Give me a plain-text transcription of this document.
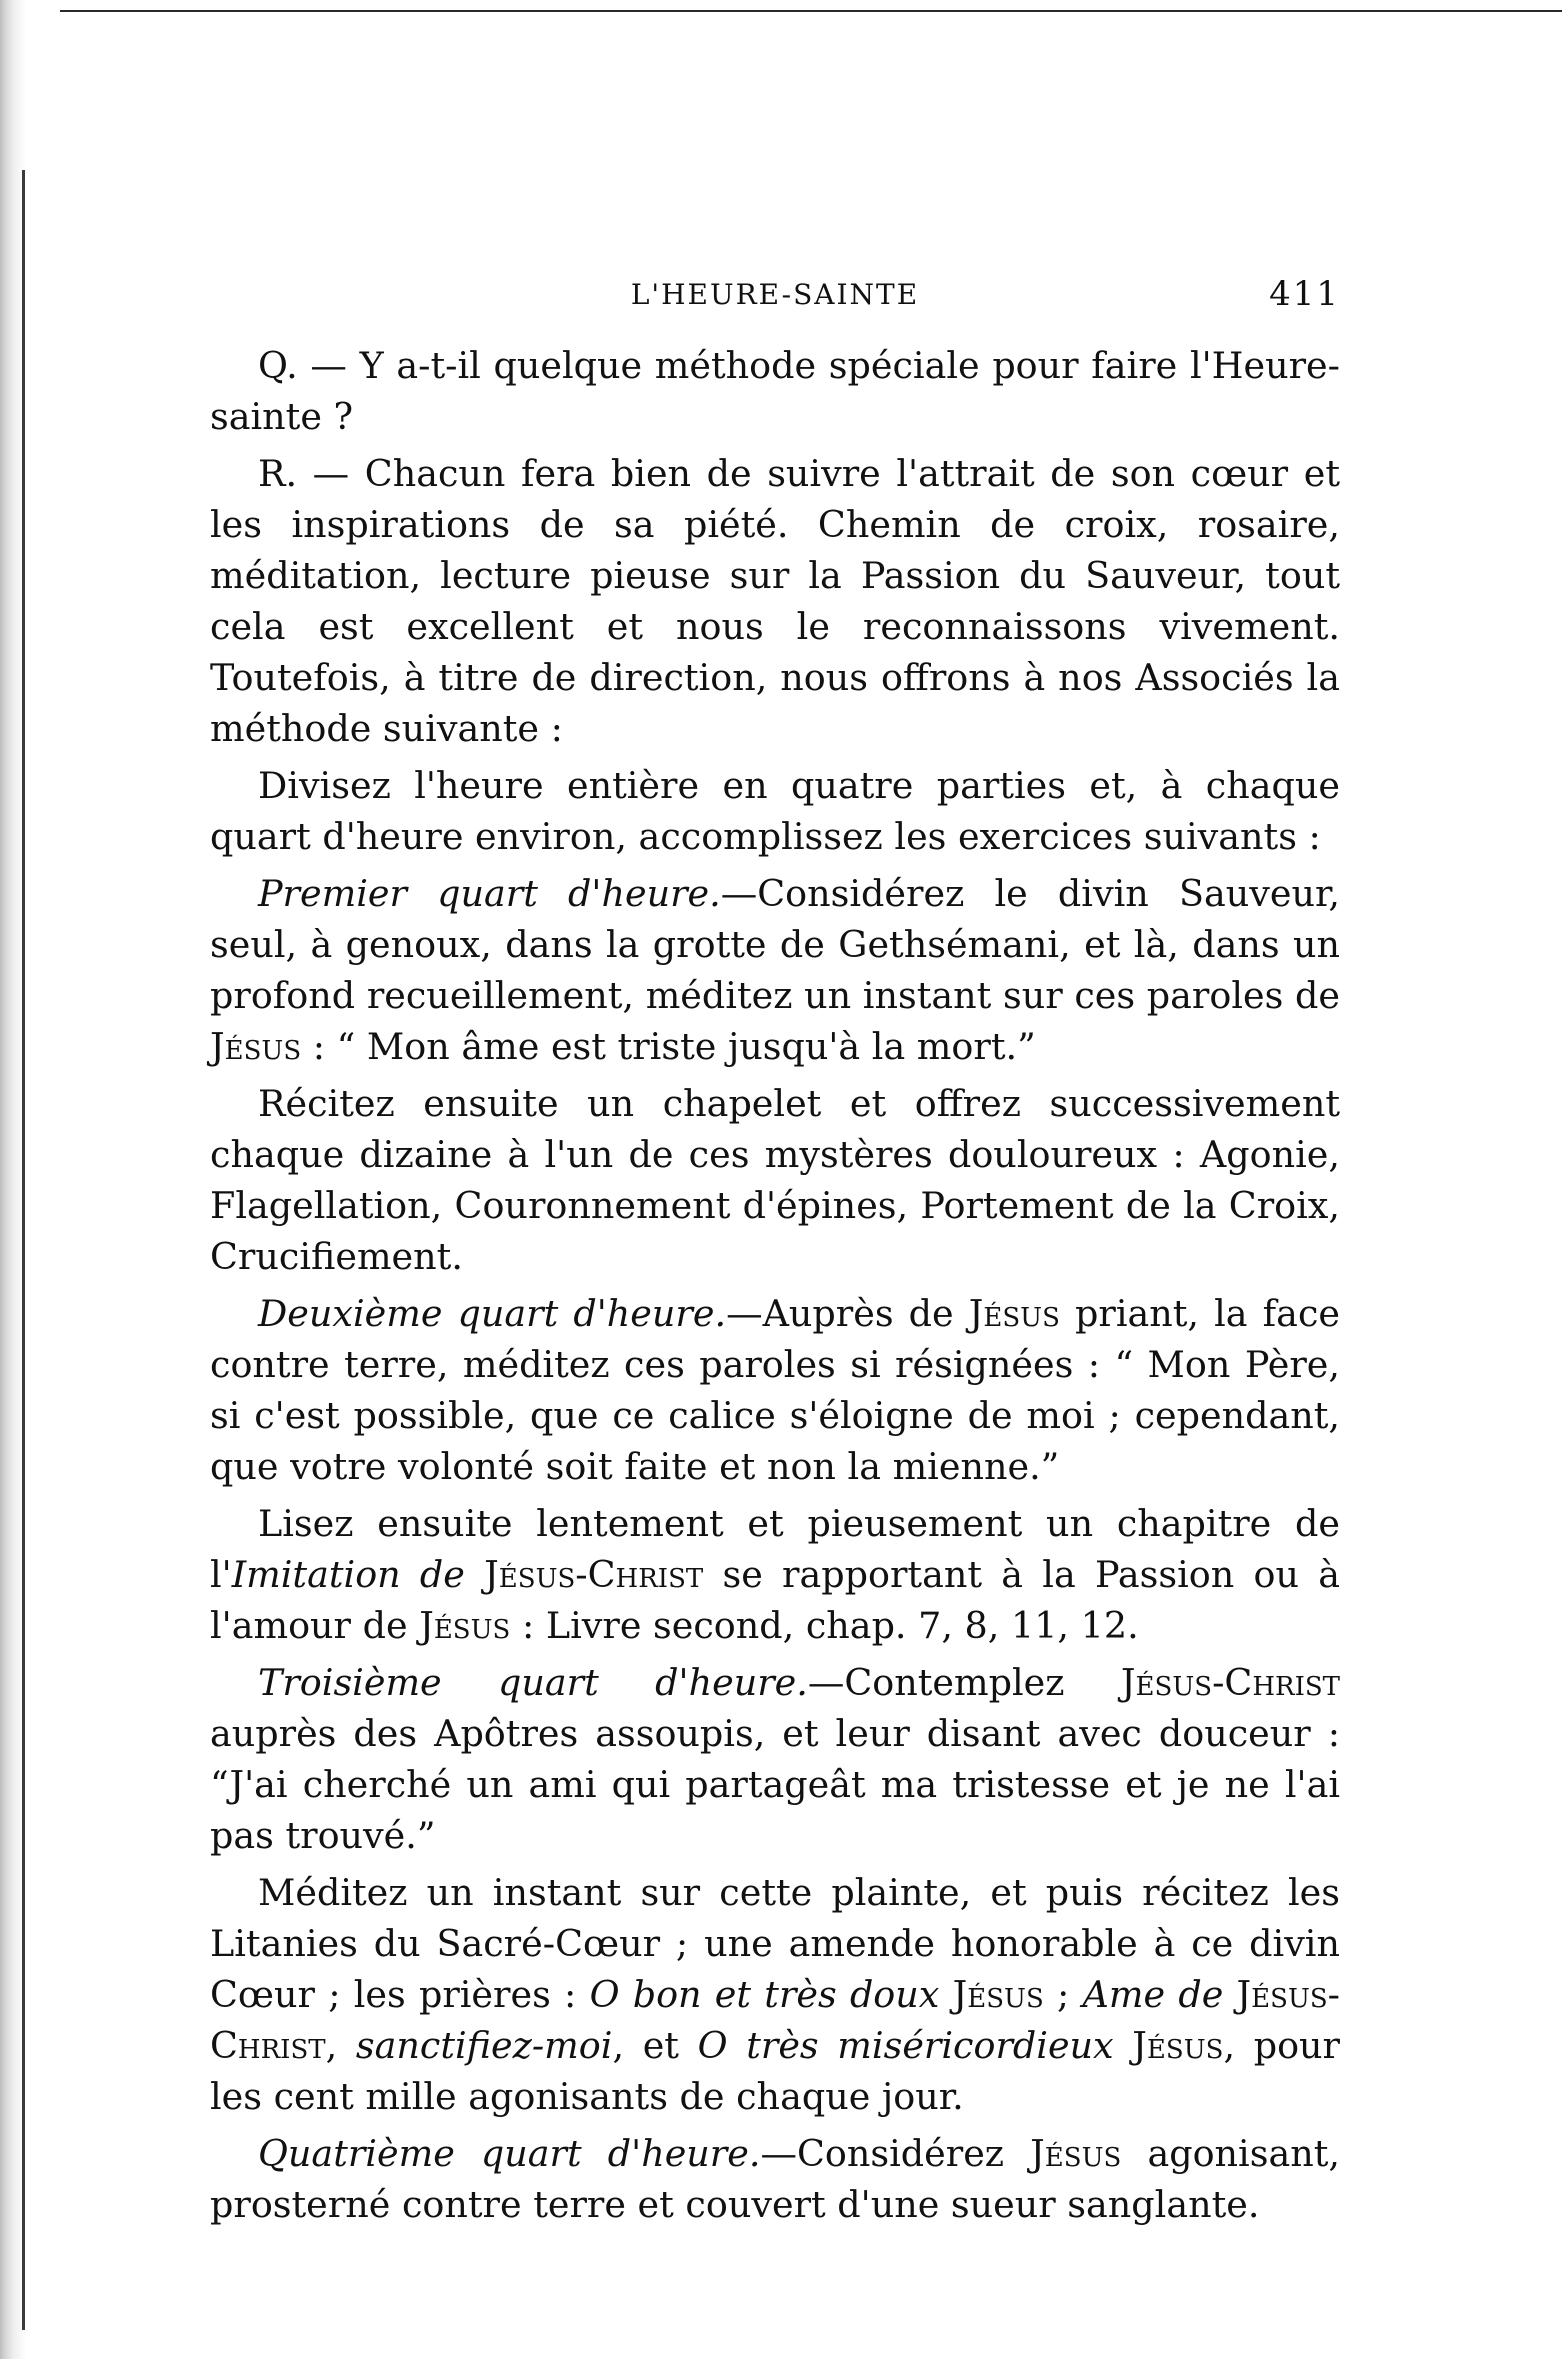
L'HEURE-SAINTE	411

Q. — Y a-t-il quelque méthode spéciale pour faire l'Heure-sainte ?

R. — Chacun fera bien de suivre l'attrait de son cœur et les inspirations de sa piété. Chemin de croix, rosaire, méditation, lecture pieuse sur la Passion du Sauveur, tout cela est excellent et nous le reconnaissons vivement. Toutefois, à titre de direction, nous offrons à nos Associés la méthode suivante :

Divisez l'heure entière en quatre parties et, à chaque quart d'heure environ, accomplissez les exercices suivants :

Premier quart d'heure.—Considérez le divin Sauveur, seul, à genoux, dans la grotte de Gethsémani, et là, dans un profond recueillement, méditez un instant sur ces paroles de Jésus : “ Mon âme est triste jusqu'à la mort.”

Récitez ensuite un chapelet et offrez successivement chaque dizaine à l'un de ces mystères douloureux : Agonie, Flagellation, Couronnement d'épines, Portement de la Croix, Crucifiement.

Deuxième quart d'heure.—Auprès de Jésus priant, la face contre terre, méditez ces paroles si résignées : “ Mon Père, si c'est possible, que ce calice s'éloigne de moi ; cependant, que votre volonté soit faite et non la mienne.”

Lisez ensuite lentement et pieusement un chapitre de l'Imitation de Jésus-Christ se rapportant à la Passion ou à l'amour de Jésus : Livre second, chap. 7, 8, 11, 12.

Troisième quart d'heure.—Contemplez Jésus-Christ auprès des Apôtres assoupis, et leur disant avec douceur : “J'ai cherché un ami qui partageât ma tristesse et je ne l'ai pas trouvé.”

Méditez un instant sur cette plainte, et puis récitez les Litanies du Sacré-Cœur ; une amende honorable à ce divin Cœur ; les prières : O bon et très doux Jésus ; Ame de Jésus-Christ, sanctifiez-moi, et O très miséricordieux Jésus, pour les cent mille agonisants de chaque jour.

Quatrième quart d'heure.—Considérez Jésus agonisant, prosterné contre terre et couvert d'une sueur sanglante.
